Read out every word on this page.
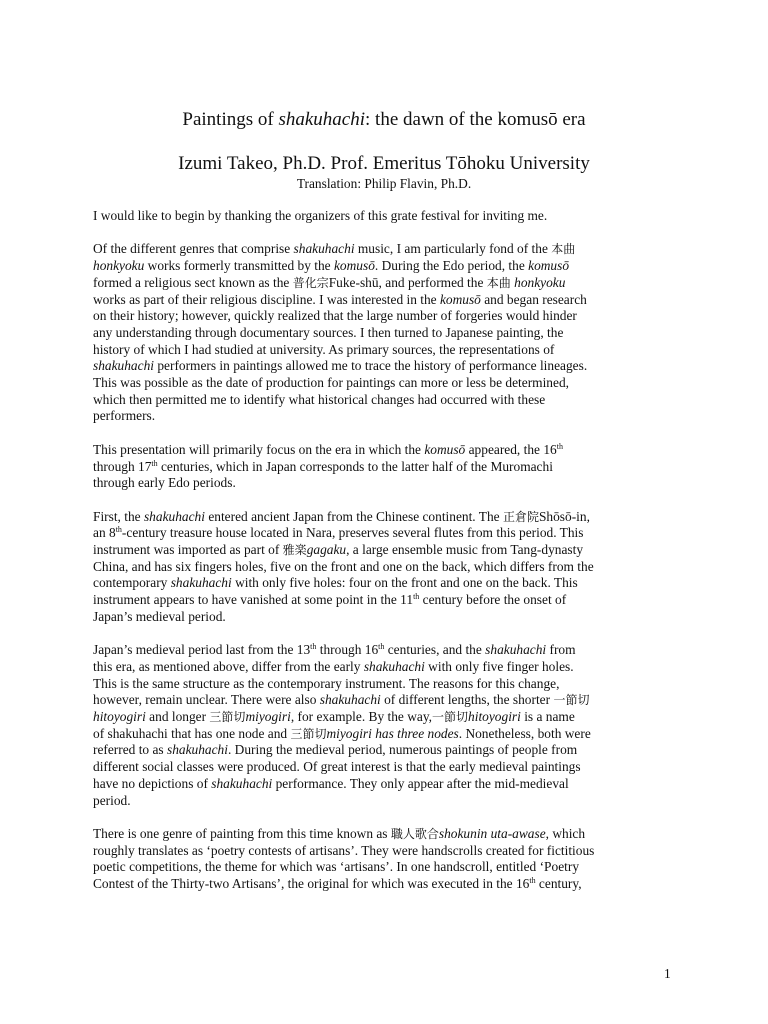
Paintings of shakuhachi: the dawn of the komusō era
Izumi Takeo, Ph.D. Prof. Emeritus Tōhoku University
Translation: Philip Flavin, Ph.D.

I would like to begin by thanking the organizers of this grate festival for inviting me.

Of the different genres that comprise shakuhachi music, I am particularly fond of the 本曲
honkyoku works formerly transmitted by the komusō. During the Edo period, the komusō
formed a religious sect known as the 普化宗Fuke-shū, and performed the 本曲 honkyoku
works as part of their religious discipline. I was interested in the komusō and began research
on their history; however, quickly realized that the large number of forgeries would hinder
any understanding through documentary sources. I then turned to Japanese painting, the
history of which I had studied at university. As primary sources, the representations of
shakuhachi performers in paintings allowed me to trace the history of performance lineages.
This was possible as the date of production for paintings can more or less be determined,
which then permitted me to identify what historical changes had occurred with these
performers.

This presentation will primarily focus on the era in which the komusō appeared, the 16th
through 17th centuries, which in Japan corresponds to the latter half of the Muromachi
through early Edo periods.

First, the shakuhachi entered ancient Japan from the Chinese continent. The 正倉院Shōsō-in,
an 8th-century treasure house located in Nara, preserves several flutes from this period. This
instrument was imported as part of 雅楽gagaku, a large ensemble music from Tang-dynasty
China, and has six fingers holes, five on the front and one on the back, which differs from the
contemporary shakuhachi with only five holes: four on the front and one on the back. This
instrument appears to have vanished at some point in the 11th century before the onset of
Japan’s medieval period.

Japan’s medieval period last from the 13th through 16th centuries, and the shakuhachi from
this era, as mentioned above, differ from the early shakuhachi with only five finger holes.
This is the same structure as the contemporary instrument. The reasons for this change,
however, remain unclear. There were also shakuhachi of different lengths, the shorter 一節切
hitoyogiri and longer 三節切miyogiri, for example. By the way,一節切hitoyogiri is a name
of shakuhachi that has one node and 三節切miyogiri has three nodes. Nonetheless, both were
referred to as shakuhachi. During the medieval period, numerous paintings of people from
different social classes were produced. Of great interest is that the early medieval paintings
have no depictions of shakuhachi performance. They only appear after the mid-medieval
period.

There is one genre of painting from this time known as 職人歌合shokunin uta-awase, which
roughly translates as ‘poetry contests of artisans’. They were handscrolls created for fictitious
poetic competitions, the theme for which was ‘artisans’. In one handscroll, entitled ‘Poetry
Contest of the Thirty-two Artisans’, the original for which was executed in the 16th century,

1
